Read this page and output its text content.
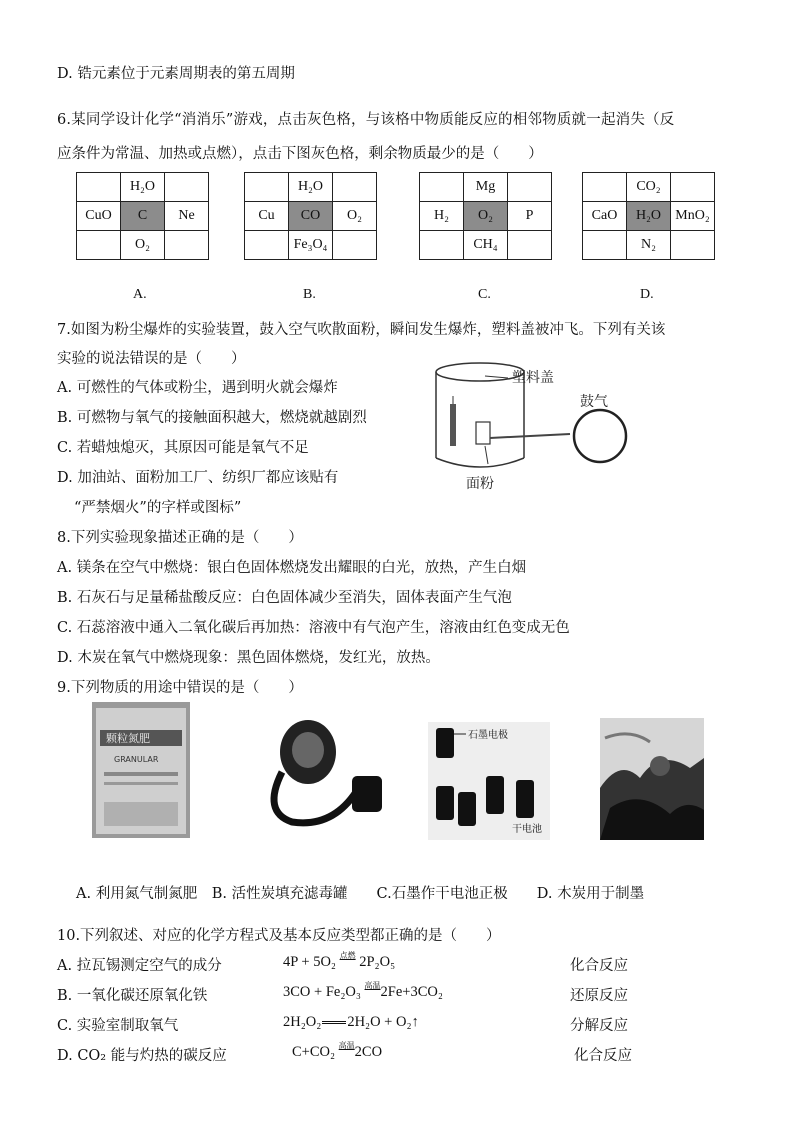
D. 锆元素位于元素周期表的第五周期
6.某同学设计化学“消消乐”游戏，点击灰色格，与该格中物质能反应的相邻物质就一起消失（反
应条件为常温、加热或点燃），点击下图灰色格，剩余物质最少的是（　　）
	H₂O	
CuO	C	Ne
	O₂	
	H₂O	
Cu	CO	O₂
	Fe₃O₄	
	Mg	
H₂	O₂	P
	CH₄	
	CO₂	
CaO	H₂O	MnO₂
	N₂	
A.	B.	C.	D.
7.如图为粉尘爆炸的实验装置，鼓入空气吹散面粉，瞬间发生爆炸，塑料盖被冲飞。下列有关该
实验的说法错误的是（　　）
A. 可燃性的气体或粉尘，遇到明火就会爆炸
B. 可燃物与氧气的接触面积越大，燃烧就越剧烈
C. 若蜡烛熄灭，其原因可能是氧气不足
D. 加油站、面粉加工厂、纺织厂都应该贴有
“严禁烟火”的字样或图标”
塑料盖
鼓气
面粉
8.下列实验现象描述正确的是（　　）
A. 镁条在空气中燃烧：银白色固体燃烧发出耀眼的白光，放热，产生白烟
B. 石灰石与足量稀盐酸反应：白色固体减少至消失，固体表面产生气泡
C. 石蕊溶液中通入二氧化碳后再加热：溶液中有气泡产生，溶液由红色变成无色
D. 木炭在氧气中燃烧现象：黑色固体燃烧，发红光，放热。
9.下列物质的用途中错误的是（　　）
颗粒氮肥
GRANULAR
石墨电极
干电池
A. 利用氮气制氮肥　B. 活性炭填充滤毒罐　　C.石墨作干电池正极　　D. 木炭用于制墨
10.下列叙述、对应的化学方程式及基本反应类型都正确的是（　　）
A. 拉瓦锡测定空气的成分	4P + 5O₂ $^{点燃}$ 2P₂O₅	化合反应
B. 一氧化碳还原氧化铁	3CO + Fe₂O₃ $^{高温}$2Fe+3CO₂	还原反应
C. 实验室制取氧气	2H₂O₂ 2H₂O + O₂↑	分解反应
D. CO₂ 能与灼热的碳反应	C+CO₂ $^{高温}$2CO	化合反应
